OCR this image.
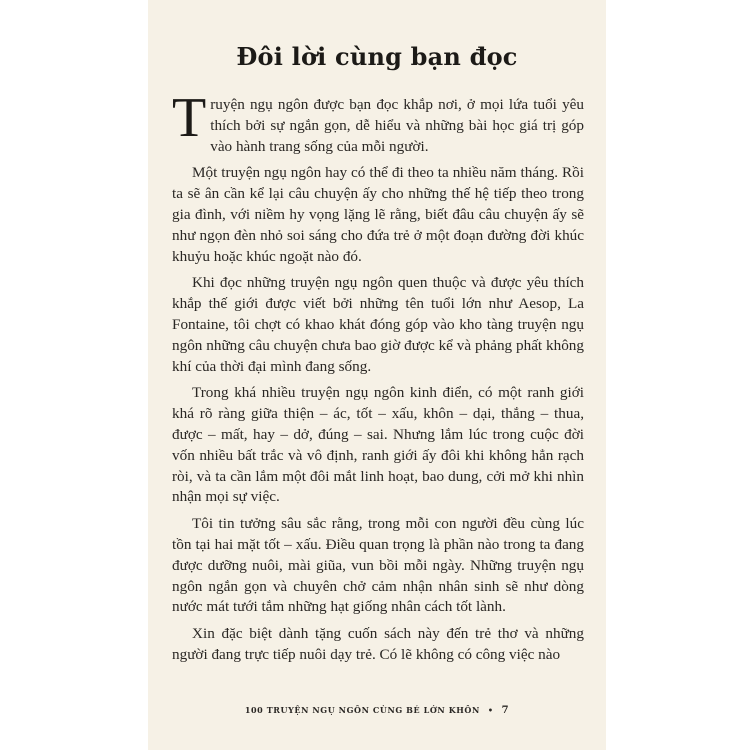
Đôi lời cùng bạn đọc

Truyện ngụ ngôn được bạn đọc khắp nơi, ở mọi lứa tuổi yêu thích bởi sự ngắn gọn, dễ hiểu và những bài học giá trị góp vào hành trang sống của mỗi người.

Một truyện ngụ ngôn hay có thể đi theo ta nhiều năm tháng. Rồi ta sẽ ân cần kể lại câu chuyện ấy cho những thế hệ tiếp theo trong gia đình, với niềm hy vọng lặng lẽ rằng, biết đâu câu chuyện ấy sẽ như ngọn đèn nhỏ soi sáng cho đứa trẻ ở một đoạn đường đời khúc khuỷu hoặc khúc ngoặt nào đó.

Khi đọc những truyện ngụ ngôn quen thuộc và được yêu thích khắp thế giới được viết bởi những tên tuổi lớn như Aesop, La Fontaine, tôi chợt có khao khát đóng góp vào kho tàng truyện ngụ ngôn những câu chuyện chưa bao giờ được kể và phảng phất không khí của thời đại mình đang sống.

Trong khá nhiều truyện ngụ ngôn kinh điển, có một ranh giới khá rõ ràng giữa thiện – ác, tốt – xấu, khôn – dại, thắng – thua, được – mất, hay – dở, đúng – sai. Nhưng lắm lúc trong cuộc đời vốn nhiều bất trắc và vô định, ranh giới ấy đôi khi không hẳn rạch ròi, và ta cần lắm một đôi mắt linh hoạt, bao dung, cởi mở khi nhìn nhận mọi sự việc.

Tôi tin tưởng sâu sắc rằng, trong mỗi con người đều cùng lúc tồn tại hai mặt tốt – xấu. Điều quan trọng là phần nào trong ta đang được dưỡng nuôi, mài giũa, vun bồi mỗi ngày. Những truyện ngụ ngôn ngắn gọn và chuyên chở cảm nhận nhân sinh sẽ như dòng nước mát tưới tắm những hạt giống nhân cách tốt lành.

Xin đặc biệt dành tặng cuốn sách này đến trẻ thơ và những người đang trực tiếp nuôi dạy trẻ. Có lẽ không có công việc nào

100 TRUYỆN NGỤ NGÔN CÙNG BÉ LỚN KHÔN • 7
